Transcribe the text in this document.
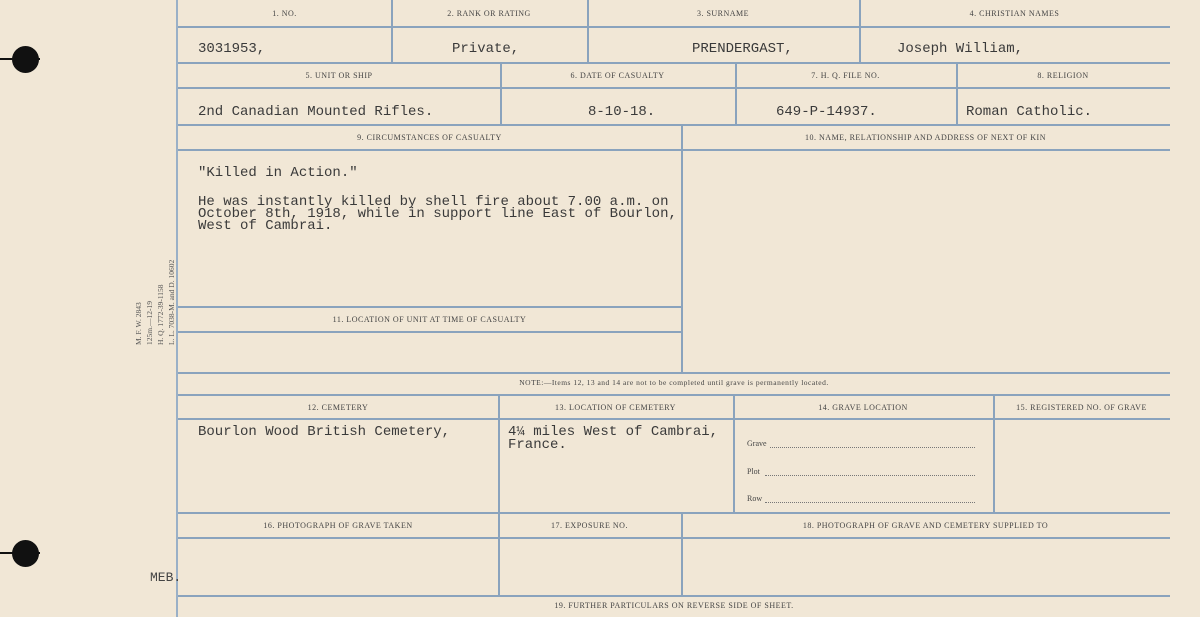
M. F. W. 2843 125m.—12-19 H. Q. 1772-39-1158 L. L. 7038-M. and D. 10602
MEB.
1. NO.	2. RANK OR RATING	3. SURNAME	4. CHRISTIAN NAMES
3031953,	Private,	PRENDERGAST,	Joseph William,
5. UNIT OR SHIP	6. DATE OF CASUALTY	7. H. Q. FILE NO.	8. RELIGION
2nd Canadian Mounted Rifles.	8-10-18.	649-P-14937.	Roman Catholic.
9. CIRCUMSTANCES OF CASUALTY	10. NAME, RELATIONSHIP AND ADDRESS OF NEXT OF KIN
"Killed in Action."
He was instantly killed by shell fire about 7.00 a.m. on
October 8th, 1918, while in support line East of Bourlon,
West of Cambrai.
11. LOCATION OF UNIT AT TIME OF CASUALTY
NOTE:—Items 12, 13 and 14 are not to be completed until grave is permanently located.
12. CEMETERY	13. LOCATION OF CEMETERY	14. GRAVE LOCATION	15. REGISTERED NO. OF GRAVE
Bourlon Wood British Cemetery,	4¼ miles West of Cambrai,
France.	Grave
Plot
Row
16. PHOTOGRAPH OF GRAVE TAKEN	17. EXPOSURE NO.	18. PHOTOGRAPH OF GRAVE AND CEMETERY SUPPLIED TO
19. FURTHER PARTICULARS ON REVERSE SIDE OF SHEET.
